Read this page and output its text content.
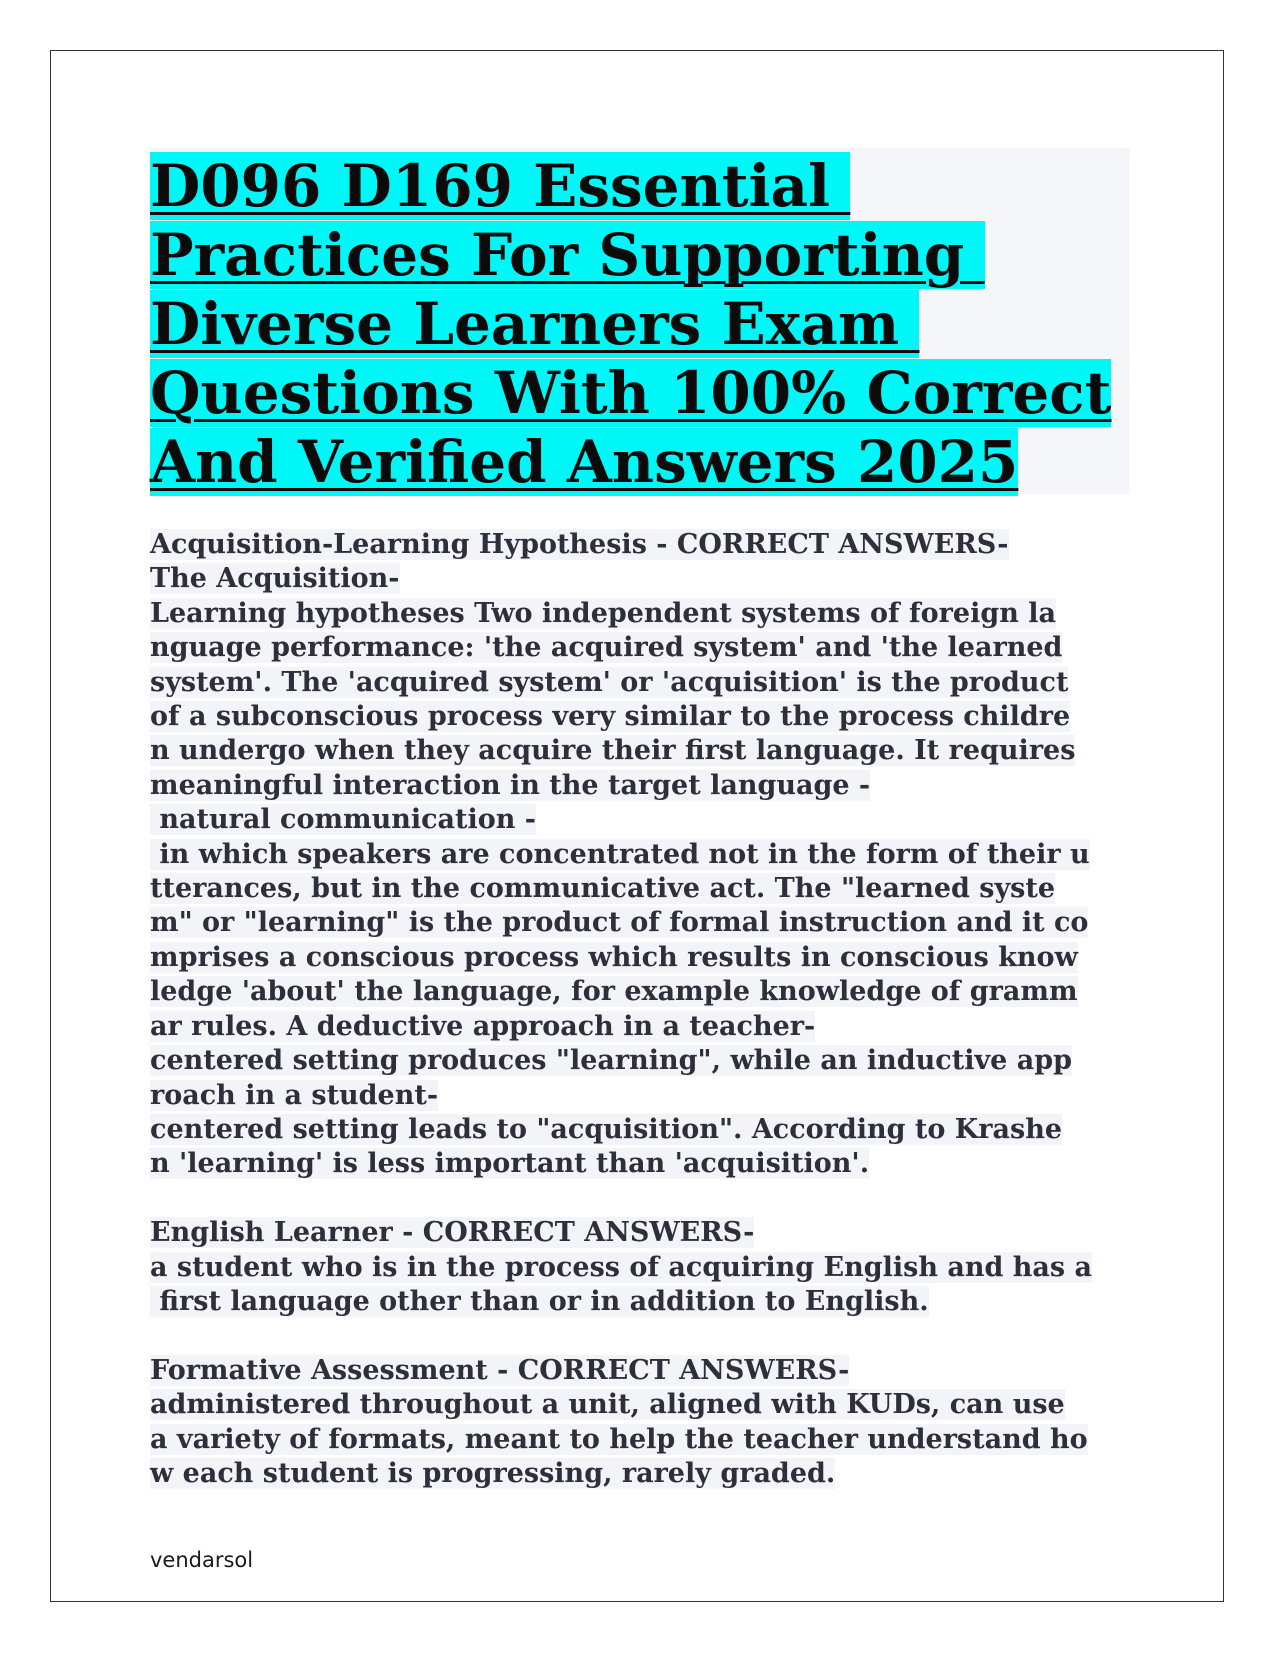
D096 D169 Essential
Practices For Supporting
Diverse Learners Exam
Questions With 100% Correct
And Verified Answers 2025

Acquisition-Learning Hypothesis - CORRECT ANSWERS-
The Acquisition-
Learning hypotheses Two independent systems of foreign la
nguage performance: 'the acquired system' and 'the learned
system'. The 'acquired system' or 'acquisition' is the product
of a subconscious process very similar to the process childre
n undergo when they acquire their first language. It requires
meaningful interaction in the target language -
natural communication -
in which speakers are concentrated not in the form of their u
tterances, but in the communicative act. The "learned syste
m" or "learning" is the product of formal instruction and it co
mprises a conscious process which results in conscious know
ledge 'about' the language, for example knowledge of gramm
ar rules. A deductive approach in a teacher-
centered setting produces "learning", while an inductive app
roach in a student-
centered setting leads to "acquisition". According to Krashe
n 'learning' is less important than 'acquisition'.

English Learner - CORRECT ANSWERS-
a student who is in the process of acquiring English and has a
first language other than or in addition to English.

Formative Assessment - CORRECT ANSWERS-
administered throughout a unit, aligned with KUDs, can use
a variety of formats, meant to help the teacher understand ho
w each student is progressing, rarely graded.

vendarsol
